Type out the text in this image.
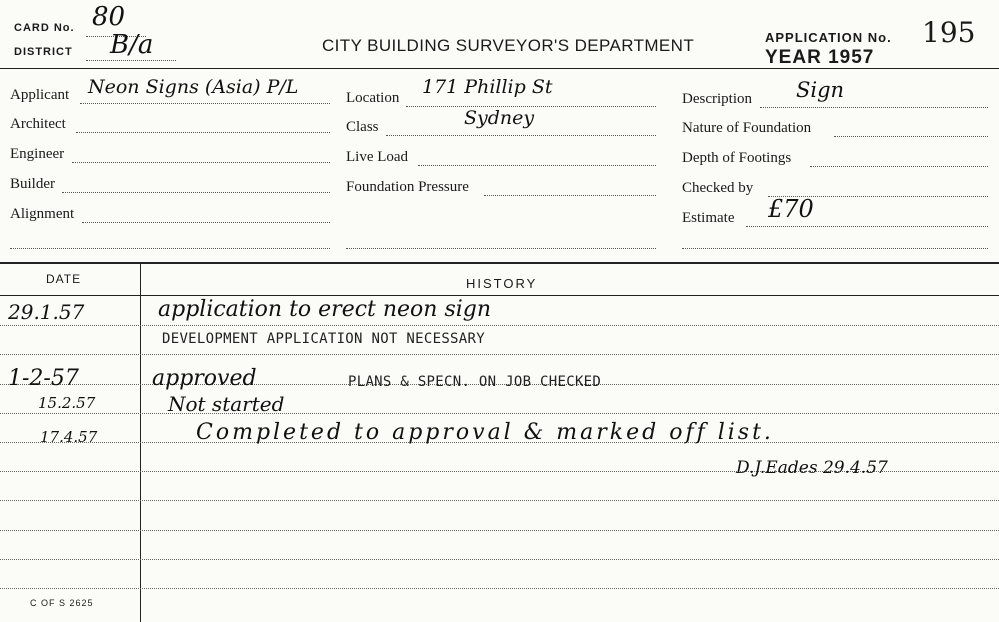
CARD No. 80
DISTRICT B/a	CITY BUILDING SURVEYOR'S DEPARTMENT	APPLICATION No. 195
YEAR 1957
Applicant Neon Signs (Asia) P/L
Architect
Engineer
Builder
Alignment
Location 171 Phillip St
Class	Sydney
Live Load
Foundation Pressure
Description Sign
Nature of Foundation
Depth of Footings
Checked by
Estimate £70
DATE	HISTORY
29.1.57	application to erect neon sign
DEVELOPMENT APPLICATION NOT NECESSARY
1-2-57	approved	PLANS & SPECN. ON JOB CHECKED
15.2.57	Not started
17.4.57	Completed to approval & marked off list.
D.J.Eades 29.4.57
C OF S 2625
